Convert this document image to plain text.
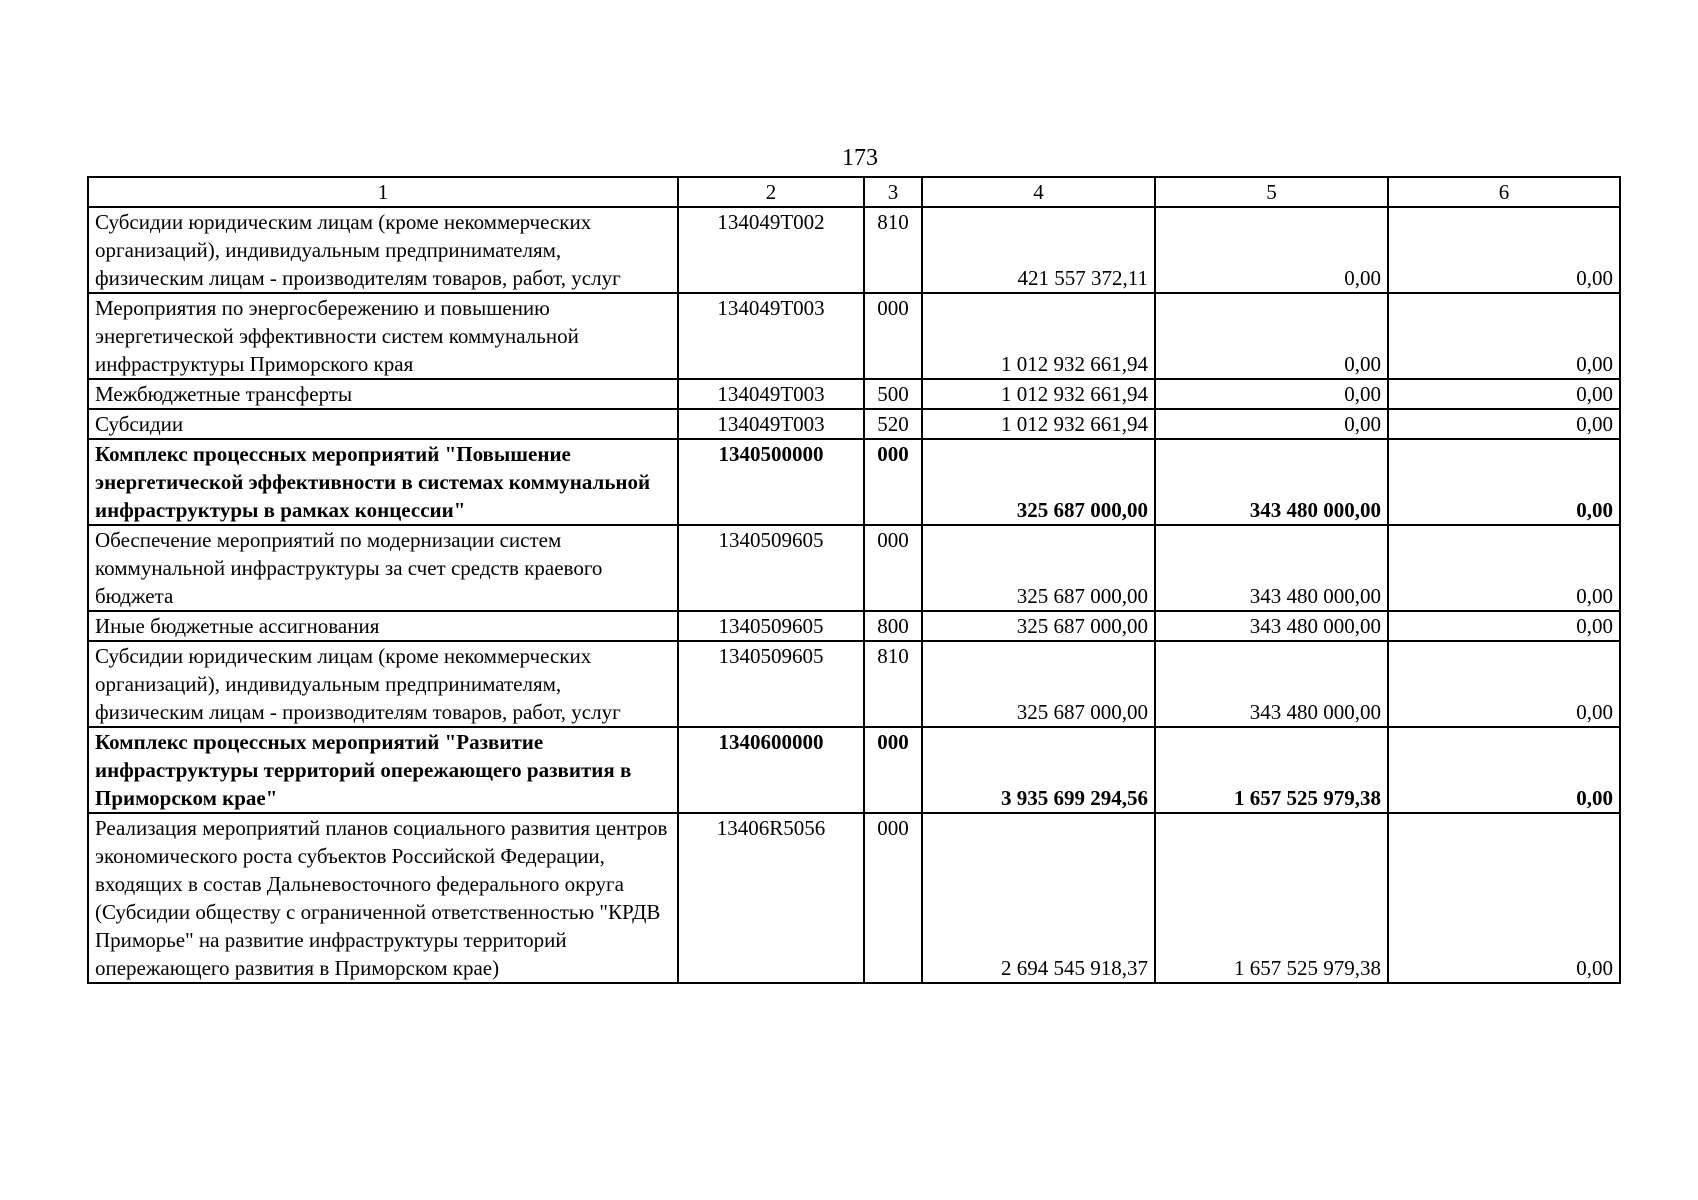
173
1	2	3	4	5	6
Субсидии юридическим лицам (кроме некоммерческих организаций), индивидуальным предпринимателям, физическим лицам - производителям товаров, работ, услуг	134049Т002	810	421 557 372,11	0,00	0,00
Мероприятия по энергосбережению и повышению энергетической эффективности систем коммунальной инфраструктуры Приморского края	134049Т003	000	1 012 932 661,94	0,00	0,00
Межбюджетные трансферты	134049Т003	500	1 012 932 661,94	0,00	0,00
Субсидии	134049Т003	520	1 012 932 661,94	0,00	0,00
Комплекс процессных мероприятий "Повышение энергетической эффективности в системах коммунальной инфраструктуры в рамках концессии"	1340500000	000	325 687 000,00	343 480 000,00	0,00
Обеспечение мероприятий по модернизации систем коммунальной инфраструктуры за счет средств краевого бюджета	1340509605	000	325 687 000,00	343 480 000,00	0,00
Иные бюджетные ассигнования	1340509605	800	325 687 000,00	343 480 000,00	0,00
Субсидии юридическим лицам (кроме некоммерческих организаций), индивидуальным предпринимателям, физическим лицам - производителям товаров, работ, услуг	1340509605	810	325 687 000,00	343 480 000,00	0,00
Комплекс процессных мероприятий "Развитие инфраструктуры территорий опережающего развития в Приморском крае"	1340600000	000	3 935 699 294,56	1 657 525 979,38	0,00
Реализация мероприятий планов социального развития центров экономического роста субъектов Российской Федерации, входящих в состав Дальневосточного федерального округа (Субсидии обществу с ограниченной ответственностью "КРДВ Приморье" на развитие инфраструктуры территорий опережающего развития в Приморском крае)	13406R5056	000	2 694 545 918,37	1 657 525 979,38	0,00
